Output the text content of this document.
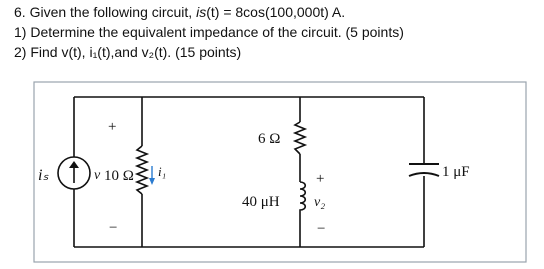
6. Given the following circuit, is(t) = 8cos(100,000t) A.
1) Determine the equivalent impedance of the circuit. (5 points)
2) Find v(t), i₁(t),and v₂(t). (15 points)
iₛ
+
v
−
10 Ω i₁
6 Ω
40 μH
+
v₂
−
1 μF
